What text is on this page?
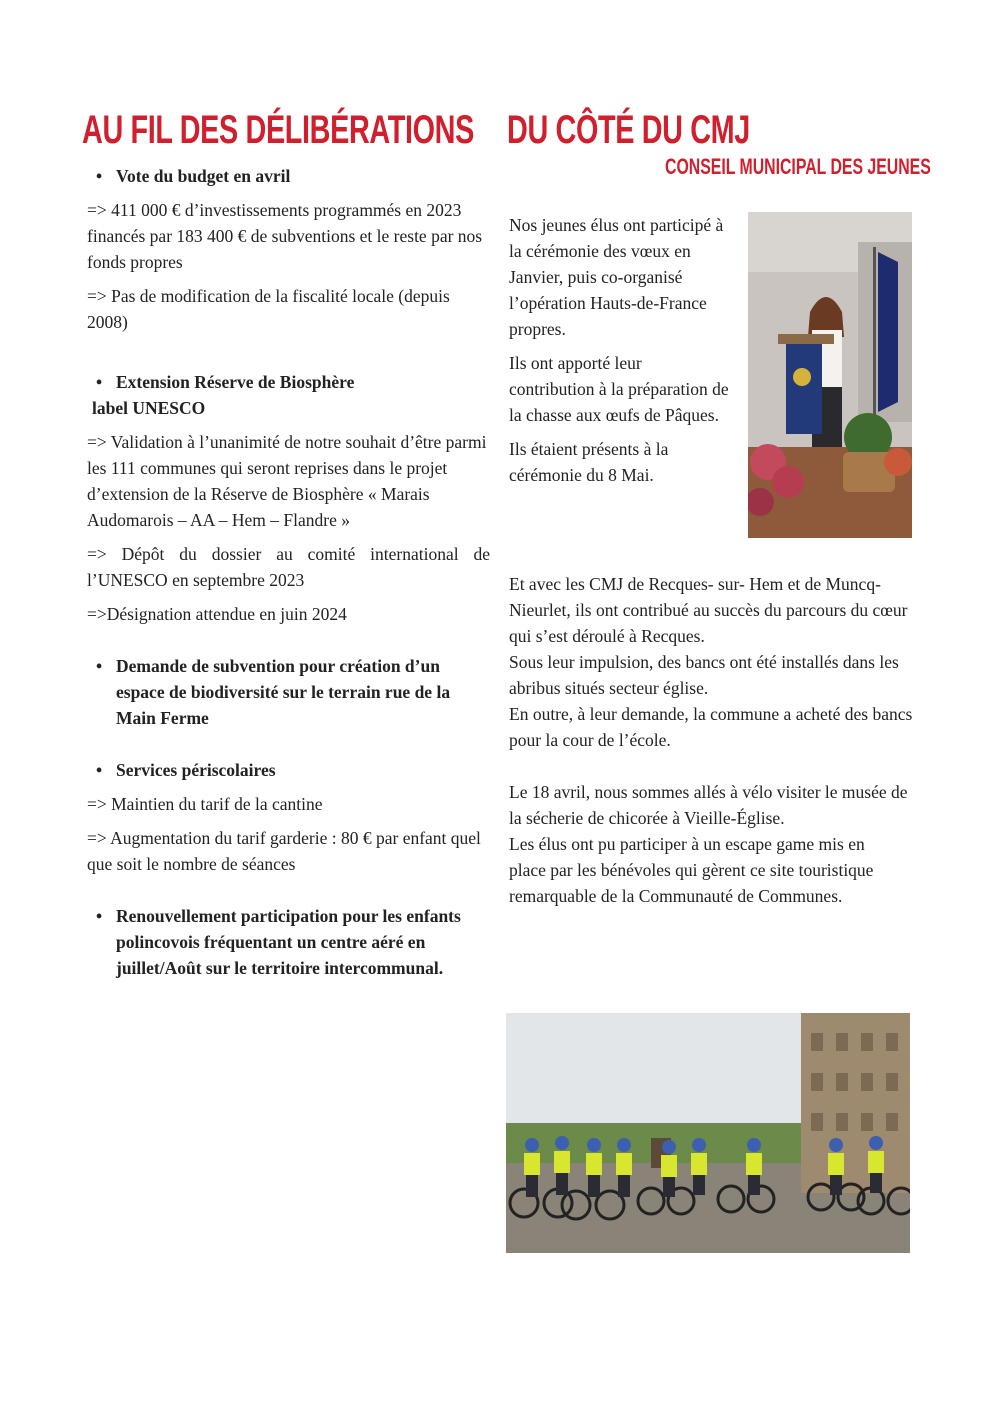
AU FIL DES DÉLIBÉRATIONS
• Vote du budget en avril

=> 411 000 € d’investissements programmés en 2023 financés par 183 400 € de subventions et le reste par nos fonds propres

=> Pas de modification de la fiscalité locale (depuis 2008)

• Extension Réserve de Biosphère
label UNESCO

=> Validation à l’unanimité de notre souhait d’être parmi les 111 communes qui seront reprises dans le projet d’extension de la Réserve de Biosphère « Marais Audomarois – AA – Hem – Flandre »

=> Dépôt du dossier au comité international de l’UNESCO en septembre 2023

=>Désignation attendue en juin 2024

• Demande de subvention pour création d’un espace de biodiversité sur le terrain rue de la Main Ferme
• Services périscolaires

=> Maintien du tarif de la cantine

=> Augmentation du tarif garderie : 80 € par enfant quel que soit le nombre de séances

• Renouvellement participation pour les enfants polincovois fréquentant un centre aéré en juillet/Août sur le territoire intercommunal.
DU CÔTÉ DU CMJ
CONSEIL MUNICIPAL DES JEUNES

Nos jeunes élus ont participé à la cérémonie des vœux en Janvier, puis co-organisé l’opération Hauts-de-France propres.

Ils ont apporté leur contribution à la préparation de la chasse aux œufs de Pâques.

Ils étaient présents à la cérémonie du 8 Mai.

Et avec les CMJ de Recques- sur- Hem et de Muncq-Nieurlet, ils ont contribué au succès du parcours du cœur qui s’est déroulé à Recques.
Sous leur impulsion, des bancs ont été installés dans les abribus situés secteur église.
En outre, à leur demande, la commune a acheté des bancs pour la cour de l’école.
Le 18 avril, nous sommes allés à vélo visiter le musée de la sécherie de chicorée à Vieille-Église.
Les élus ont pu participer à un escape game mis en place par les bénévoles qui gèrent ce site touristique remarquable de la Communauté de Communes.
